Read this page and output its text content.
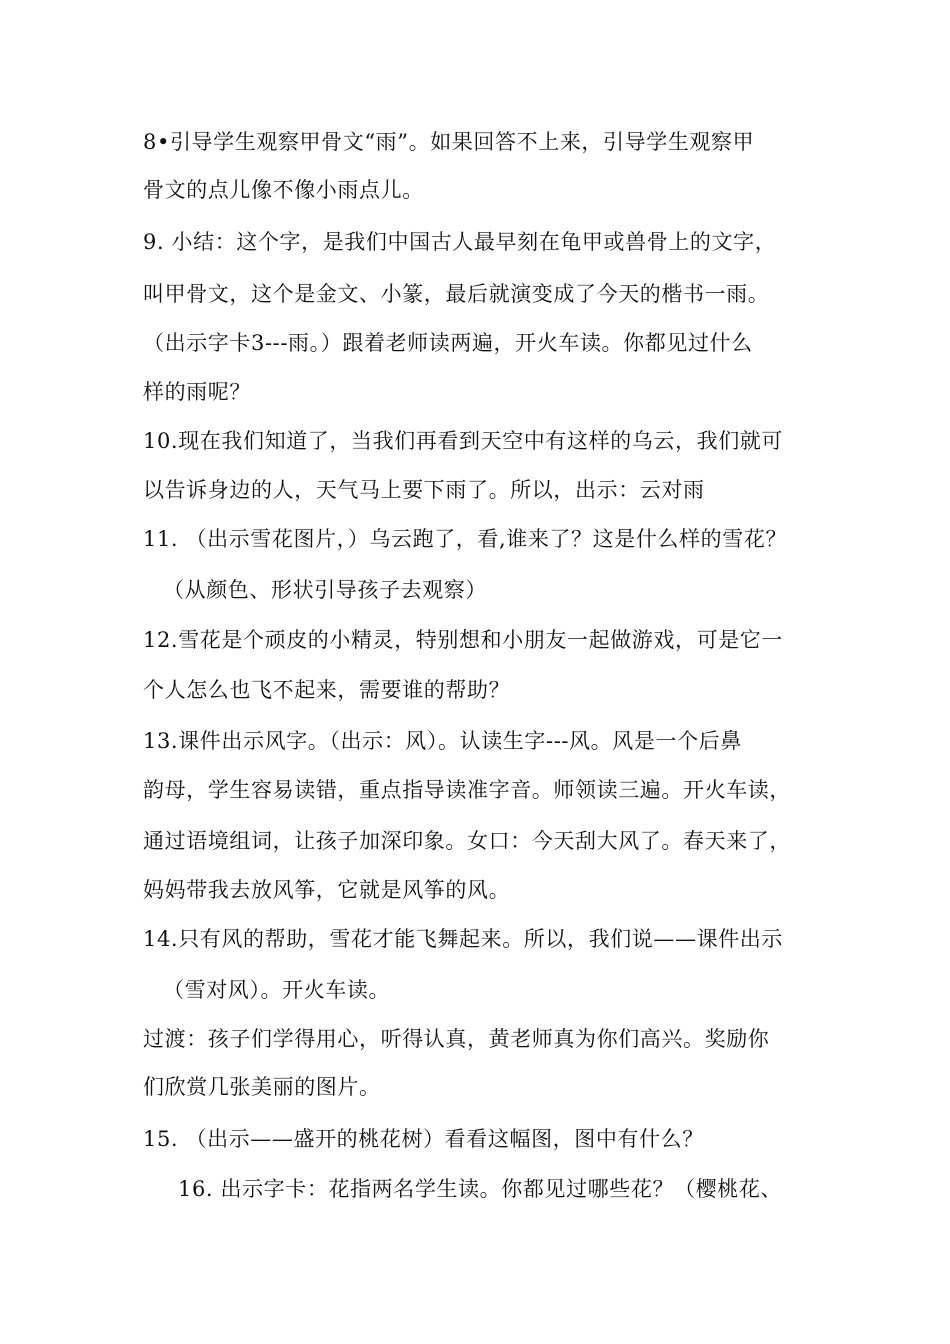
8•引导学生观察甲骨文“雨”。如果回答不上来，引导学生观察甲
骨文的点儿像不像小雨点儿。
9. 小结：这个字，是我们中国古人最早刻在龟甲或兽骨上的文字，
叫甲骨文，这个是金文、小篆，最后就演变成了今天的楷书一雨。
（出示字卡3---雨。）跟着老师读两遍，开火车读。你都见过什么
样的雨呢？
10.现在我们知道了，当我们再看到天空中有这样的乌云，我们就可
以告诉身边的人，天气马上要下雨了。所以，出示：云对雨
11. （出示雪花图片，）乌云跑了，看,谁来了？这是什么样的雪花？
（从颜色、形状引导孩子去观察）
12.雪花是个顽皮的小精灵，特别想和小朋友一起做游戏，可是它一
个人怎么也飞不起来，需要谁的帮助？
13.课件出示风字。（出示：风）。认读生字---风。风是一个后鼻
韵母，学生容易读错，重点指导读准字音。师领读三遍。开火车读，
通过语境组词，让孩子加深印象。女口：今天刮大风了。春天来了，
妈妈带我去放风筝，它就是风筝的风。
14.只有风的帮助，雪花才能飞舞起来。所以，我们说——课件出示
（雪对风）。开火车读。
过渡：孩子们学得用心，听得认真，黄老师真为你们高兴。奖励你
们欣赏几张美丽的图片。
15. （出示——盛开的桃花树）看看这幅图，图中有什么？
16. 出示字卡：花指两名学生读。你都见过哪些花？（樱桃花、
